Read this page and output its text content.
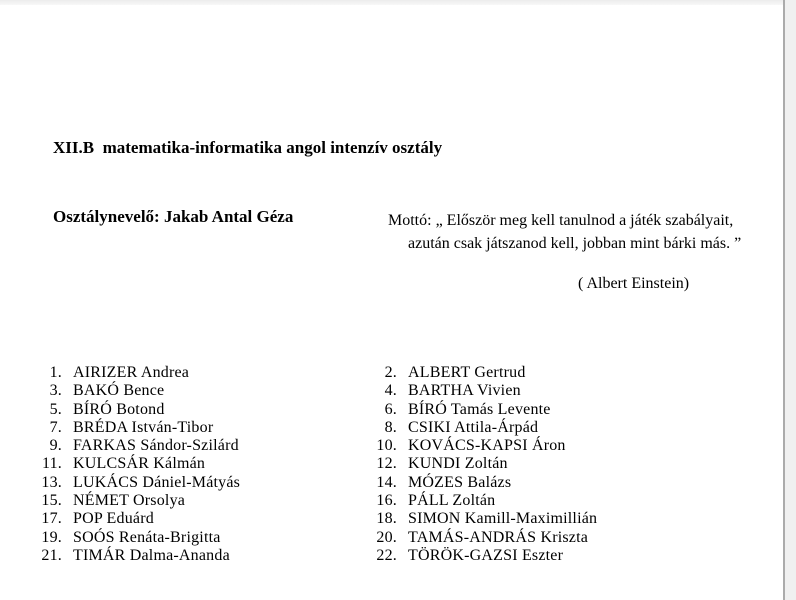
XII.B  matematika-informatika angol intenzív osztály

Osztálynevelő: Jakab Antal Géza

	Mottó: „ Először meg kell tanulnod a játék szabályait,
azután csak játszanod kell, jobban mint bárki más. ”
( Albert Einstein)
1. AIRIZER Andrea
3. BAKÓ Bence
5. BÍRÓ Botond
7. BRÉDA István-Tibor
9. FARKAS Sándor-Szilárd
11. KULCSÁR Kálmán
13. LUKÁCS Dániel-Mátyás
15. NÉMET Orsolya
17. POP Eduárd
19. SOÓS Renáta-Brigitta
21. TIMÁR Dalma-Ananda
2. ALBERT Gertrud
4. BARTHA Vivien
6. BÍRÓ Tamás Levente
8. CSIKI Attila-Árpád
10. KOVÁCS-KAPSI Áron
12. KUNDI Zoltán
14. MÓZES Balázs
16. PÁLL Zoltán
18. SIMON Kamill-Maximillián
20. TAMÁS-ANDRÁS Kriszta
22. TÖRÖK-GAZSI Eszter
